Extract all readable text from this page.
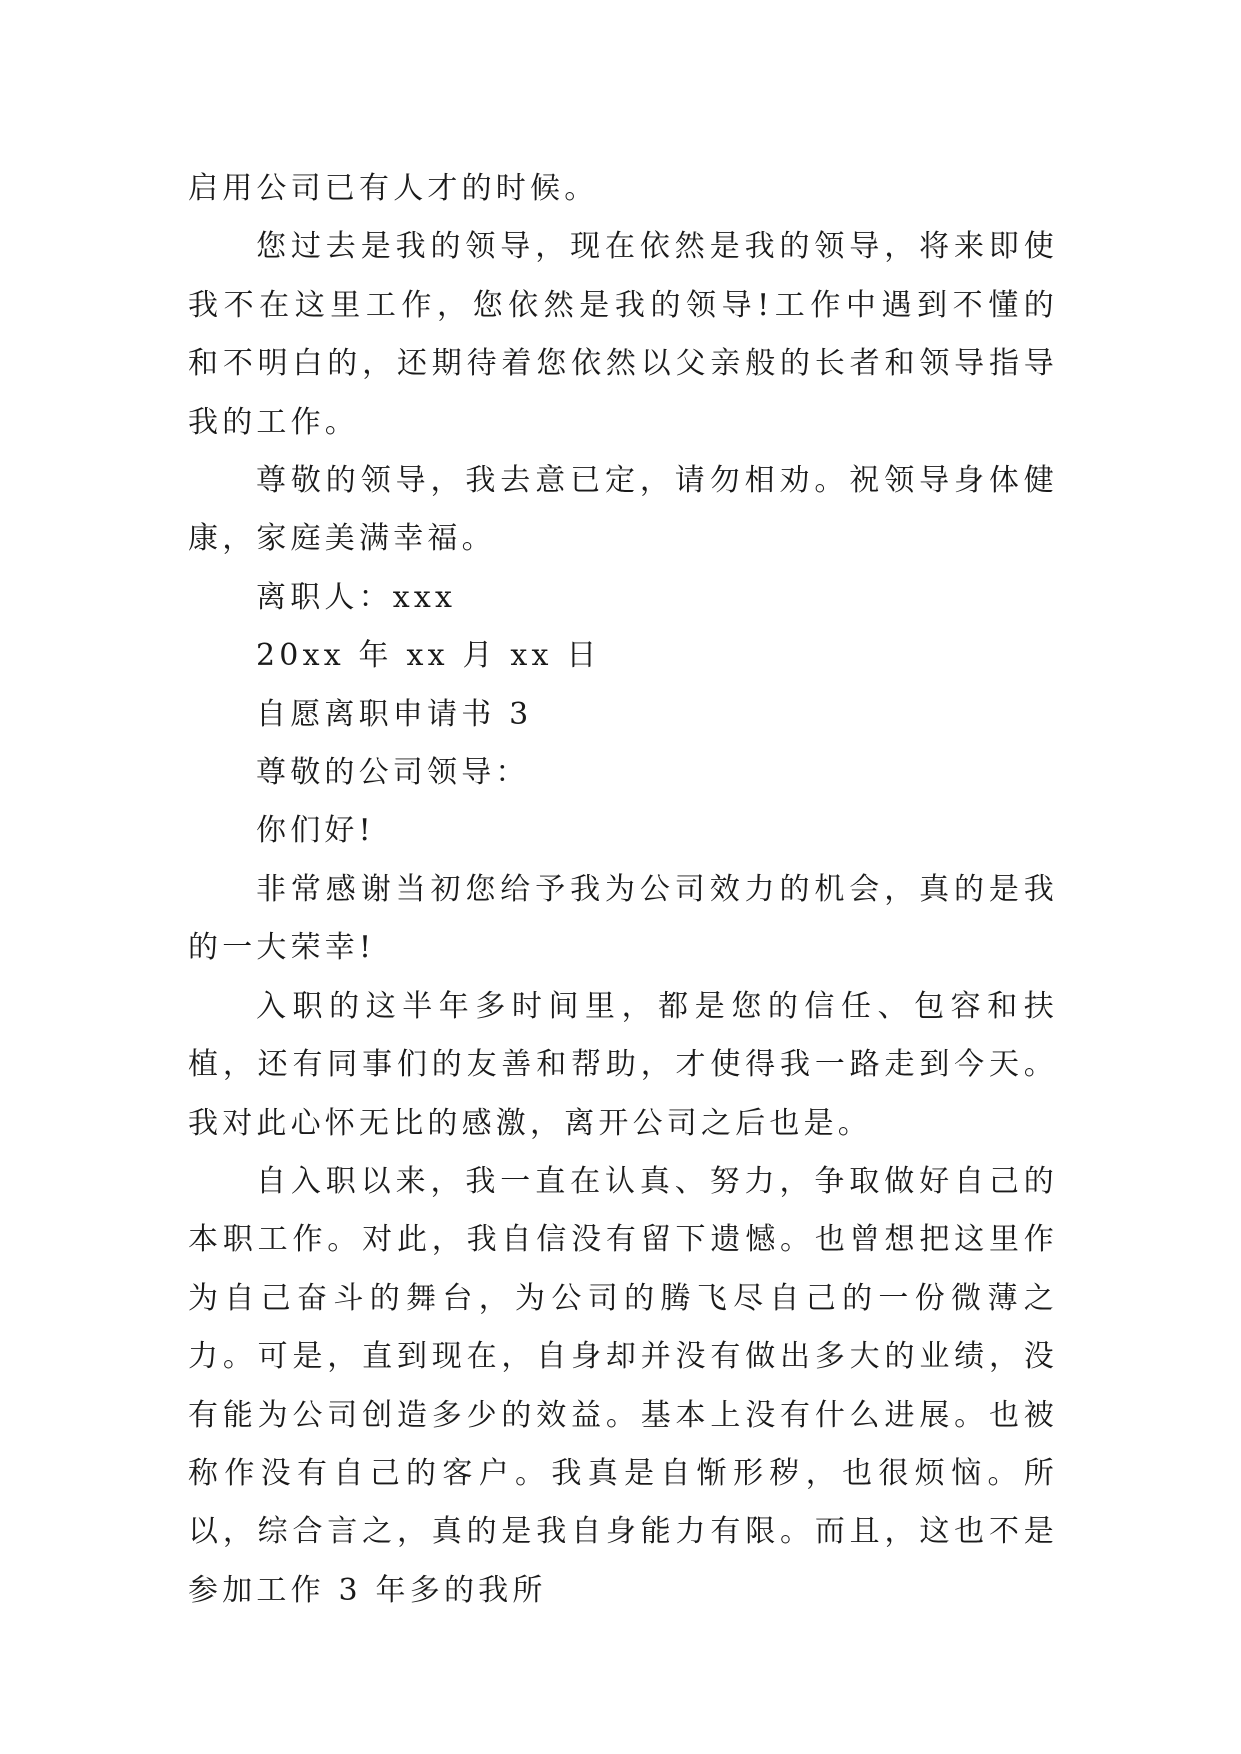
启用公司已有人才的时候。

您过去是我的领导，现在依然是我的领导，将来即使我不在这里工作，您依然是我的领导!工作中遇到不懂的和不明白的，还期待着您依然以父亲般的长者和领导指导我的工作。

尊敬的领导，我去意已定，请勿相劝。祝领导身体健康，家庭美满幸福。

离职人：xxx

20xx 年 xx 月 xx 日

自愿离职申请书 3

尊敬的公司领导：

你们好!

非常感谢当初您给予我为公司效力的机会，真的是我的一大荣幸!

入职的这半年多时间里，都是您的信任、包容和扶植，还有同事们的友善和帮助，才使得我一路走到今天。我对此心怀无比的感激，离开公司之后也是。

自入职以来，我一直在认真、努力，争取做好自己的本职工作。对此，我自信没有留下遗憾。也曾想把这里作为自己奋斗的舞台，为公司的腾飞尽自己的一份微薄之力。可是，直到现在，自身却并没有做出多大的业绩，没有能为公司创造多少的效益。基本上没有什么进展。也被称作没有自己的客户。我真是自惭形秽，也很烦恼。所以，综合言之，真的是我自身能力有限。而且，这也不是参加工作 3 年多的我所
